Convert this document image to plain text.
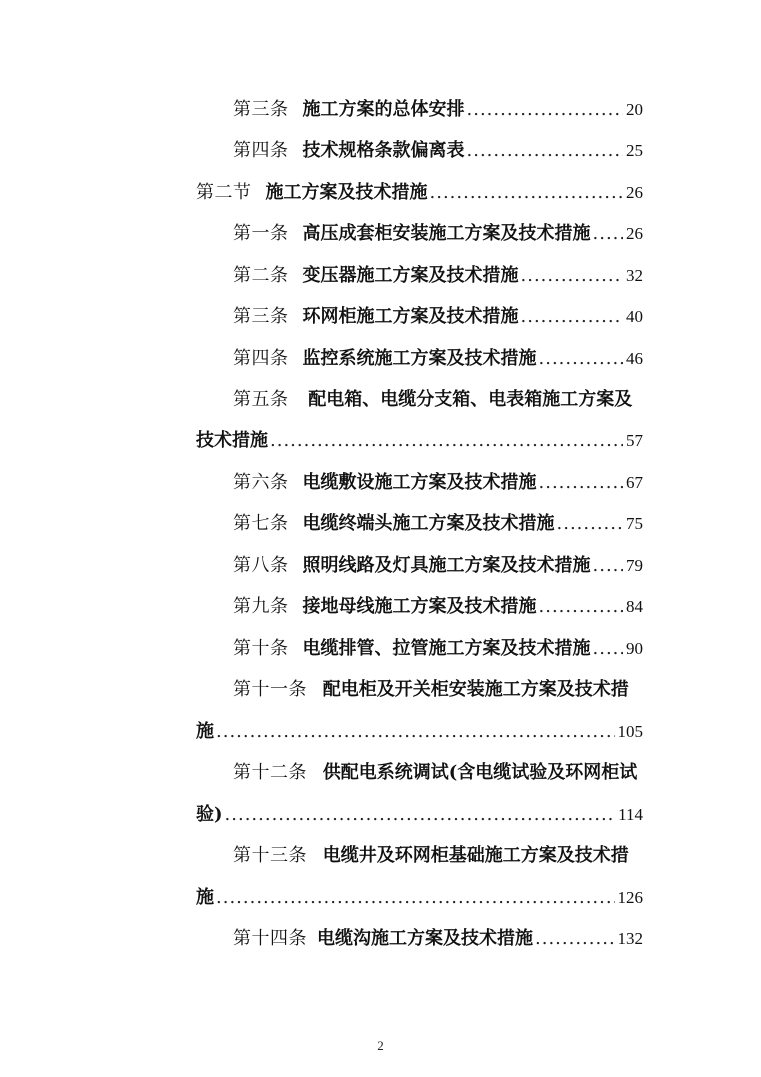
第三条 施工方案的总体安排 .....	20
第四条 技术规格条款偏离表 .....	25
第二节 施工方案及技术措施 .....	26
第一条 高压成套柜安装施工方案及技术措施 ..... 26
第二条 变压器施工方案及技术措施 .....	32
第三条 环网柜施工方案及技术措施 .....	40
第四条 监控系统施工方案及技术措施 .....	46
第五条 配电箱、电缆分支箱、电表箱施工方案及
技术措施 .....	57
第六条 电缆敷设施工方案及技术措施 .....	67
第七条 电缆终端头施工方案及技术措施 .....	75
第八条 照明线路及灯具施工方案及技术措施 ..... 79
第九条 接地母线施工方案及技术措施 .....	84
第十条 电缆排管、拉管施工方案及技术措施 ..... 90
第十一条 配电柜及开关柜安装施工方案及技术措
施 .....	105
第十二条 供配电系统调试(含电缆试验及环网柜试
验) .....	114
第十三条 电缆井及环网柜基础施工方案及技术措
施 .....	126
第十四条 电缆沟施工方案及技术措施 .....	132
2
